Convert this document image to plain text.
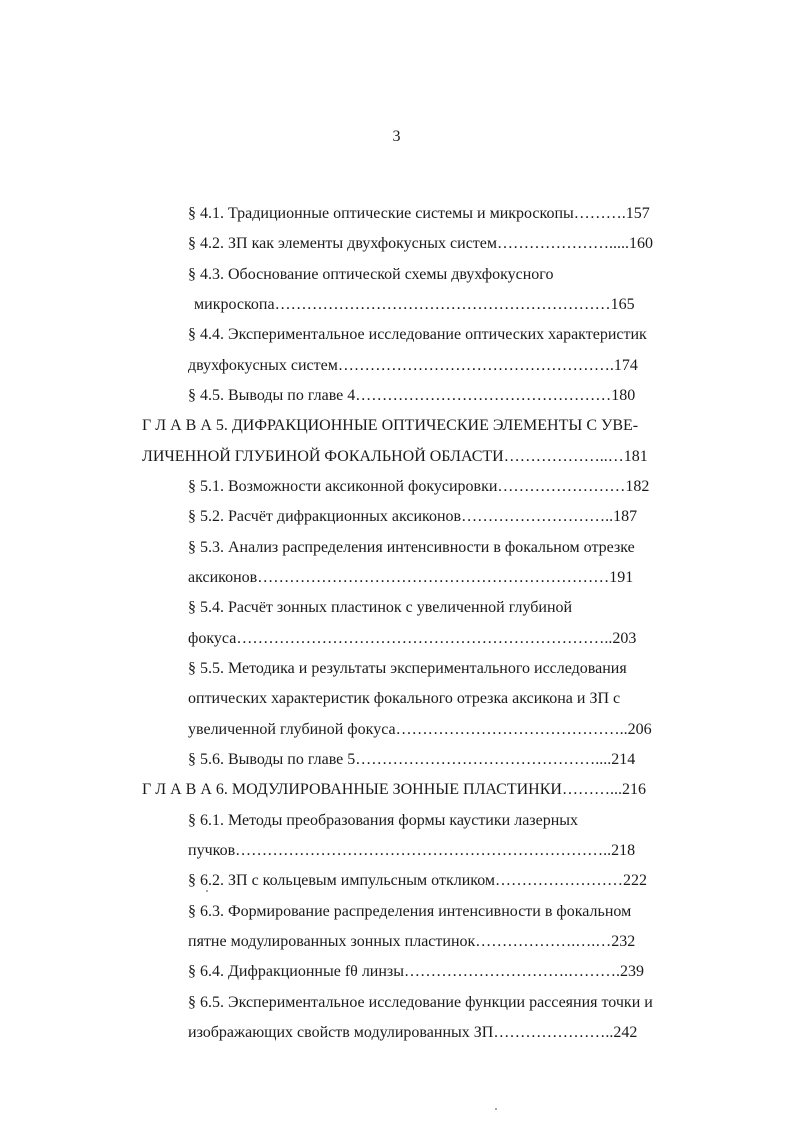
3
§ 4.1. Традиционные оптические системы и микроскопы……….157
§ 4.2. ЗП как элементы двухфокусных систем………………….....160
§ 4.3. Обоснование оптической схемы двухфокусного
микроскопа………………………………………………………165
§ 4.4. Экспериментальное исследование оптических характеристик
двухфокусных систем…………………………………………….174
§ 4.5. Выводы по главе 4…………………………………………180
Г Л А В А 5. ДИФРАКЦИОННЫЕ ОПТИЧЕСКИЕ ЭЛЕМЕНТЫ С УВЕ-
ЛИЧЕННОЙ ГЛУБИНОЙ ФОКАЛЬНОЙ ОБЛАСТИ………………..…181
§ 5.1. Возможности аксиконной фокусировки……………………182
§ 5.2. Расчёт дифракционных аксиконов………………………..187
§ 5.3. Анализ распределения интенсивности в фокальном отрезке
аксиконов…………………………………………………………191
§ 5.4. Расчёт зонных пластинок с увеличенной глубиной
фокуса……………………………………………………………..203
§ 5.5. Методика и результаты экспериментального исследования
оптических характеристик фокального отрезка аксикона и ЗП с
увеличенной глубиной фокуса……………………………………..206
§ 5.6. Выводы по главе 5………………………………………....214
Г Л А В А 6. МОДУЛИРОВАННЫЕ ЗОННЫЕ ПЛАСТИНКИ………...216
§ 6.1. Методы преобразования формы каустики лазерных
пучков……………………………………………………………..218
§ 6.2. ЗП с кольцевым импульсным откликом……………………222
§ 6.3. Формирование распределения интенсивности в фокальном
пятне модулированных зонных пластинок……………….….…232
§ 6.4. Дифракционные fθ линзы………………………….……….239
§ 6.5. Экспериментальное исследование функции рассеяния точки и
изображающих свойств модулированных ЗП…………………..242
